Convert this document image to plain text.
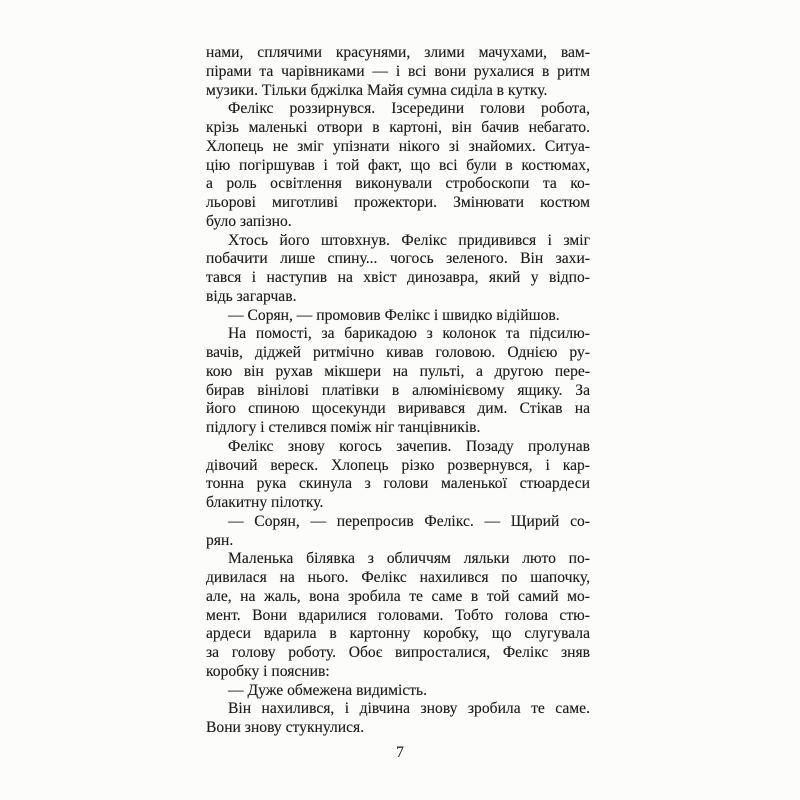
нами, сплячими красунями, злими мачухами, вам-
пірами та чарівниками — і всі вони рухалися в ритм
музики. Тільки бджілка Майя сумна сиділа в кутку.

Фелікс роззирнувся. Ізсередини голови робота,
крізь маленькі отвори в картоні, він бачив небагато.
Хлопець не зміг упізнати нікого зі знайомих. Ситуа-
цію погіршував і той факт, що всі були в костюмах,
а роль освітлення виконували стробоскопи та ко-
льорові миготливі прожектори. Змінювати костюм
було запізно.

Хтось його штовхнув. Фелікс придивився і зміг
побачити лише спину... чогось зеленого. Він захи-
тався і наступив на хвіст динозавра, який у відпо-
відь загарчав.

— Сорян, — промовив Фелікс і швидко відійшов.

На помості, за барикадою з колонок та підсилю-
вачів, діджей ритмічно кивав головою. Однією ру-
кою він рухав мікшери на пульті, а другою пере-
бирав вінілові платівки в алюмінієвому ящику. За
його спиною щосекунди виривався дим. Стікав на
підлогу і стелився поміж ніг танцівників.

Фелікс знову когось зачепив. Позаду пролунав
дівочий вереск. Хлопець різко розвернувся, і кар-
тонна рука скинула з голови маленької стюардеси
блакитну пілотку.

— Сорян, — перепросив Фелікс. — Щирий со-
рян.

Маленька білявка з обличчям ляльки люто по-
дивилася на нього. Фелікс нахилився по шапочку,
але, на жаль, вона зробила те саме в той самий мо-
мент. Вони вдарилися головами. Тобто голова стю-
ардеси вдарила в картонну коробку, що слугувала
за голову роботу. Обоє випросталися, Фелікс зняв
коробку і пояснив:

— Дуже обмежена видимість.

Він нахилився, і дівчина знову зробила те саме.
Вони знову стукнулися.

7
